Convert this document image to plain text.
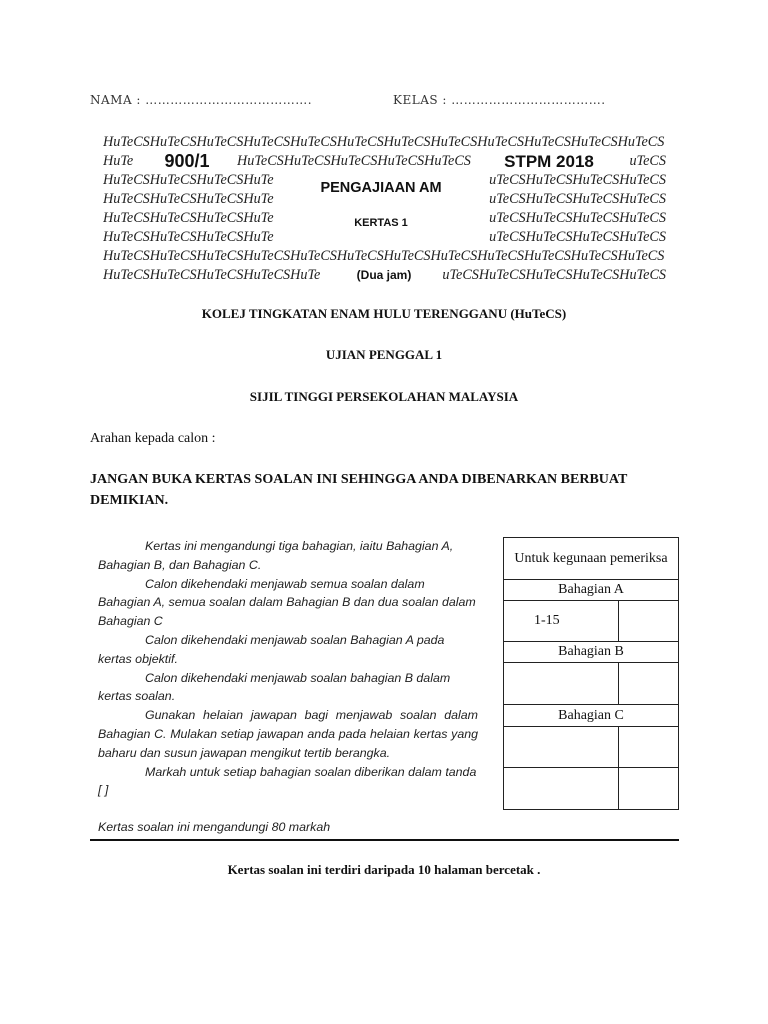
NAMA : ………………………………….	KELAS : ……………………………….
HuTeCSHuTeCSHuTeCSHuTeCSHuTeCSHuTeCSHuTeCSHuTeCSHuTeCSHuTeCSHuTeCSHuTeCS
HuTe	HuTeCSHuTeCSHuTeCSHuTeCSHuTeCS	uTeCS
HuTeCSHuTeCSHuTeCSHuTe	uTeCSHuTeCSHuTeCSHuTeCS
HuTeCSHuTeCSHuTeCSHuTe	uTeCSHuTeCSHuTeCSHuTeCS
HuTeCSHuTeCSHuTeCSHuTe	uTeCSHuTeCSHuTeCSHuTeCS
HuTeCSHuTeCSHuTeCSHuTe	uTeCSHuTeCSHuTeCSHuTeCS
HuTeCSHuTeCSHuTeCSHuTeCSHuTeCSHuTeCSHuTeCSHuTeCSHuTeCSHuTeCSHuTeCSHuTeCS
HuTeCSHuTeCSHuTeCSHuTeCSHuTe	uTeCSHuTeCSHuTeCSHuTeCSHuTeCS
900/1	STPM 2018
PENGAJIAAN AM
KERTAS 1
(Dua jam)
KOLEJ TINGKATAN ENAM HULU TERENGGANU (HuTeCS)
UJIAN PENGGAL 1
SIJIL TINGGI PERSEKOLAHAN MALAYSIA
Arahan kepada calon :
JANGAN BUKA KERTAS SOALAN INI SEHINGGA ANDA DIBENARKAN BERBUAT DEMIKIAN.

Kertas ini mengandungi tiga bahagian, iaitu Bahagian A, Bahagian B, dan Bahagian C.

Calon dikehendaki menjawab semua soalan dalam Bahagian A, semua soalan dalam Bahagian B dan dua soalan dalam Bahagian C

Calon dikehendaki menjawab soalan Bahagian A pada kertas objektif.

Calon dikehendaki menjawab soalan bahagian B dalam kertas soalan.

Gunakan helaian jawapan bagi menjawab soalan dalam Bahagian C. Mulakan setiap jawapan anda pada helaian kertas yang baharu dan susun jawapan mengikut tertib berangka.

Markah untuk setiap bahagian soalan diberikan dalam tanda [ ]

Kertas soalan ini mengandungi 80 markah

Untuk kegunaan pemeriksa	
Bahagian A	
1-15	
Bahagian B	

Bahagian C	

Kertas soalan ini terdiri daripada 10 halaman bercetak .
